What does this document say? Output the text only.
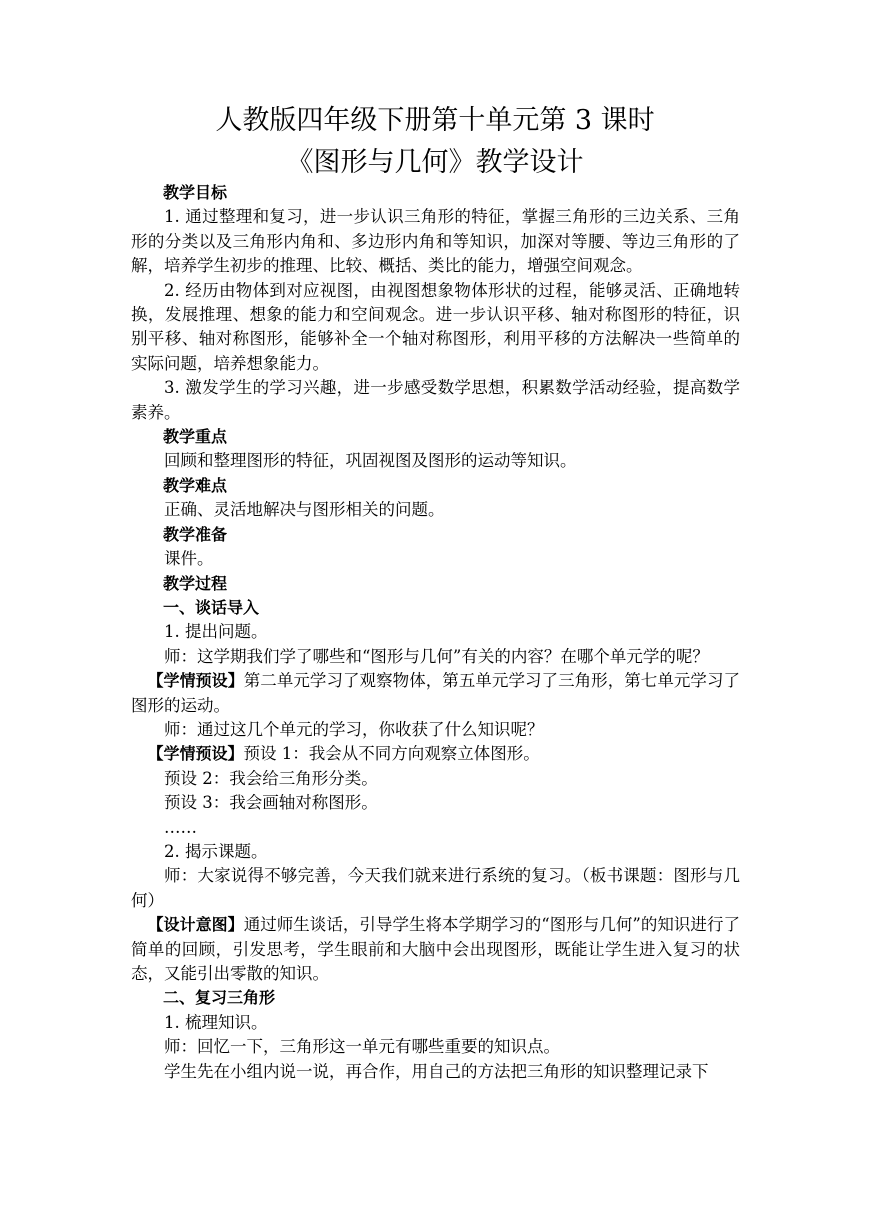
人教版四年级下册第十单元第 3 课时
《图形与几何》教学设计

教学目标

1. 通过整理和复习，进一步认识三角形的特征，掌握三角形的三边关系、三角形的分类以及三角形内角和、多边形内角和等知识，加深对等腰、等边三角形的了解，培养学生初步的推理、比较、概括、类比的能力，增强空间观念。

2. 经历由物体到对应视图，由视图想象物体形状的过程，能够灵活、正确地转换，发展推理、想象的能力和空间观念。进一步认识平移、轴对称图形的特征，识别平移、轴对称图形，能够补全一个轴对称图形，利用平移的方法解决一些简单的实际问题，培养想象能力。

3. 激发学生的学习兴趣，进一步感受数学思想，积累数学活动经验，提高数学素养。

教学重点

回顾和整理图形的特征，巩固视图及图形的运动等知识。

教学难点

正确、灵活地解决与图形相关的问题。

教学准备

课件。

教学过程

一、谈话导入

1. 提出问题。

师：这学期我们学了哪些和“图形与几何”有关的内容？在哪个单元学的呢？

【学情预设】第二单元学习了观察物体，第五单元学习了三角形，第七单元学习了图形的运动。

师：通过这几个单元的学习，你收获了什么知识呢？

【学情预设】预设 1：我会从不同方向观察立体图形。

预设 2：我会给三角形分类。

预设 3：我会画轴对称图形。

……

2. 揭示课题。

师：大家说得不够完善，今天我们就来进行系统的复习。（板书课题：图形与几何）

【设计意图】通过师生谈话，引导学生将本学期学习的“图形与几何”的知识进行了简单的回顾，引发思考，学生眼前和大脑中会出现图形，既能让学生进入复习的状态，又能引出零散的知识。

二、复习三角形

1. 梳理知识。

师：回忆一下，三角形这一单元有哪些重要的知识点。

学生先在小组内说一说，再合作，用自己的方法把三角形的知识整理记录下
